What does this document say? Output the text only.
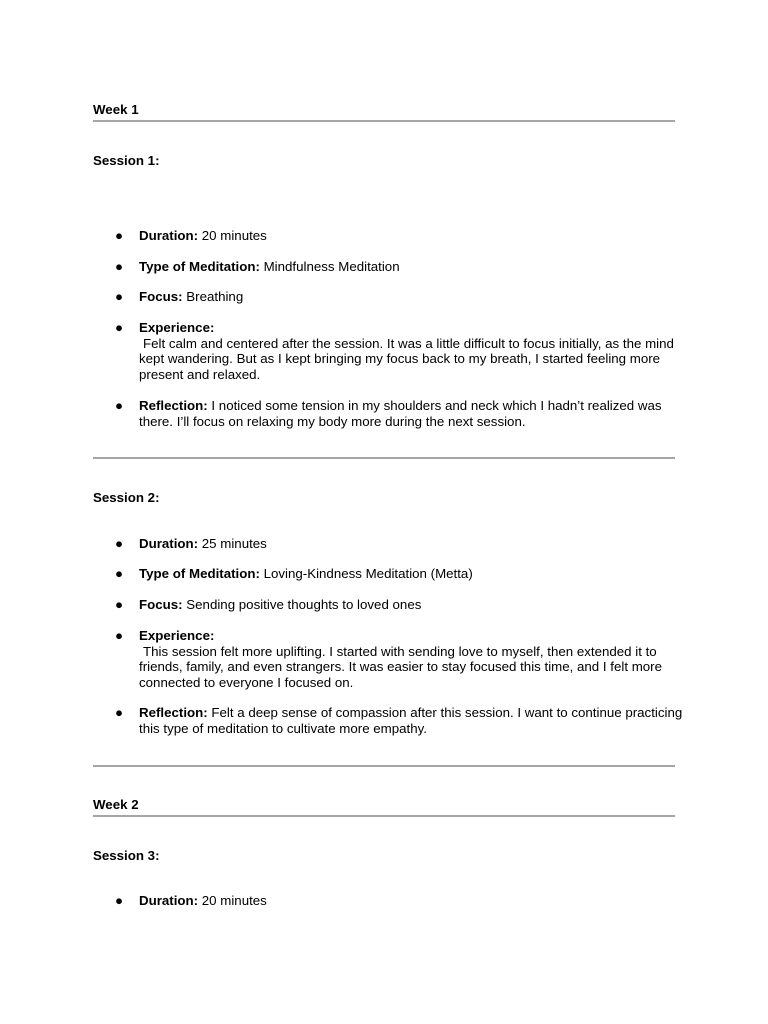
Week 1
Session 1:
●	Duration: 20 minutes
●	Type of Meditation: Mindfulness Meditation
●	Focus: Breathing
●	Experience:
Felt calm and centered after the session. It was a little difficult to focus initially, as the mind kept wandering. But as I kept bringing my focus back to my breath, I started feeling more present and relaxed.
●	Reflection: I noticed some tension in my shoulders and neck which I hadn’t realized was there. I’ll focus on relaxing my body more during the next session.
Session 2:
●	Duration: 25 minutes
●	Type of Meditation: Loving-Kindness Meditation (Metta)
●	Focus: Sending positive thoughts to loved ones
●	Experience:
This session felt more uplifting. I started with sending love to myself, then extended it to friends, family, and even strangers. It was easier to stay focused this time, and I felt more connected to everyone I focused on.
●	Reflection: Felt a deep sense of compassion after this session. I want to continue practicing this type of meditation to cultivate more empathy.
Week 2
Session 3:
●	Duration: 20 minutes
